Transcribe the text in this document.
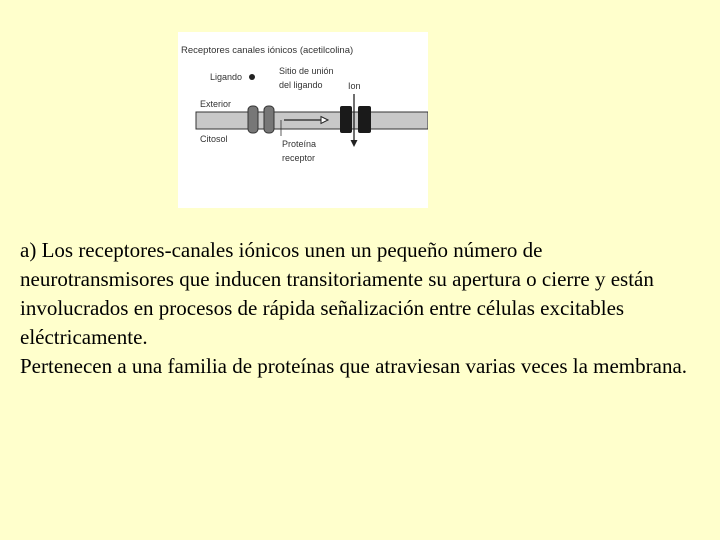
Receptores canales iónicos (acetilcolina)
Ligando
Sitio de unión
del ligando	Ion
Exterior
Citosol	Proteína
receptor

a) Los receptores-canales iónicos unen un pequeño número de neurotransmisores que inducen transitoriamente su apertura o cierre y están involucrados en procesos de rápida señalización entre células excitables eléctricamente.

Pertenecen a una familia de proteínas que atraviesan varias veces la membrana.
